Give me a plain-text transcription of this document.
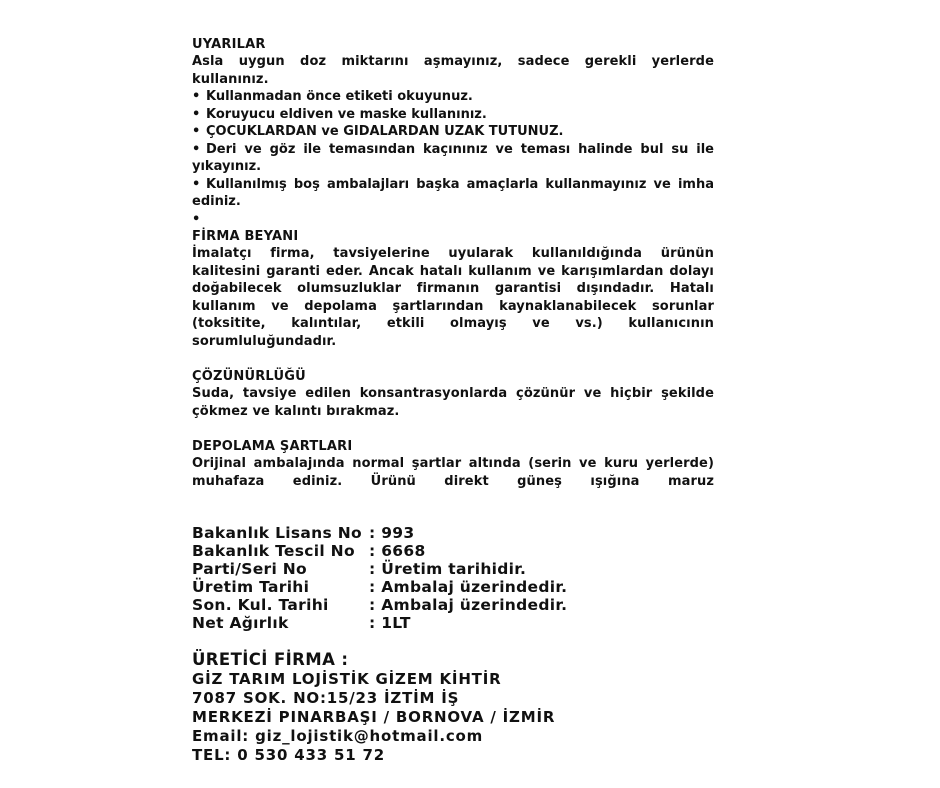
UYARILAR

Asla uygun doz miktarını aşmayınız, sadece gerekli yerlerde kullanınız.

• Kullanmadan önce etiketi okuyunuz.
• Koruyucu eldiven ve maske kullanınız.
• ÇOCUKLARDAN ve GIDALARDAN UZAK TUTUNUZ.
• Deri ve göz ile temasından kaçınınız ve teması halinde bul su ile yıkayınız.
• Kullanılmış boş ambalajları başka amaçlarla kullanmayınız ve imha ediniz.
•
FİRMA BEYANI

İmalatçı firma, tavsiyelerine uyularak kullanıldığında ürünün kalitesini garanti eder. Ancak hatalı kullanım ve karışımlardan dolayı doğabilecek olumsuzluklar firmanın garantisi dışındadır. Hatalı kullanım ve depolama şartlarından kaynaklanabilecek sorunlar (toksitite, kalıntılar, etkili olmayış ve vs.) kullanıcının sorumluluğundadır.

ÇÖZÜNÜRLÜĞÜ

Suda, tavsiye edilen konsantrasyonlarda çözünür ve hiçbir şekilde çökmez ve kalıntı bırakmaz.

DEPOLAMA ŞARTLARI

Orijinal ambalajında normal şartlar altında (serin ve kuru yerlerde) muhafaza ediniz. Ürünü direkt güneş ışığına maruz

Bakanlık Lisans No : 993
Bakanlık Tescil No : 6668
Parti/Seri No	: Üretim tarihidir.
Üretim Tarihi	: Ambalaj üzerindedir.
Son. Kul. Tarihi	: Ambalaj üzerindedir.
Net Ağırlık	: 1LT
ÜRETİCİ FİRMA :
GİZ TARIM LOJİSTİK GİZEM KİHTİR
7087 SOK. NO:15/23 İZTİM İŞ
MERKEZİ PINARBAŞI / BORNOVA / İZMİR
Email: giz_lojistik@hotmail.com
TEL: 0 530 433 51 72
